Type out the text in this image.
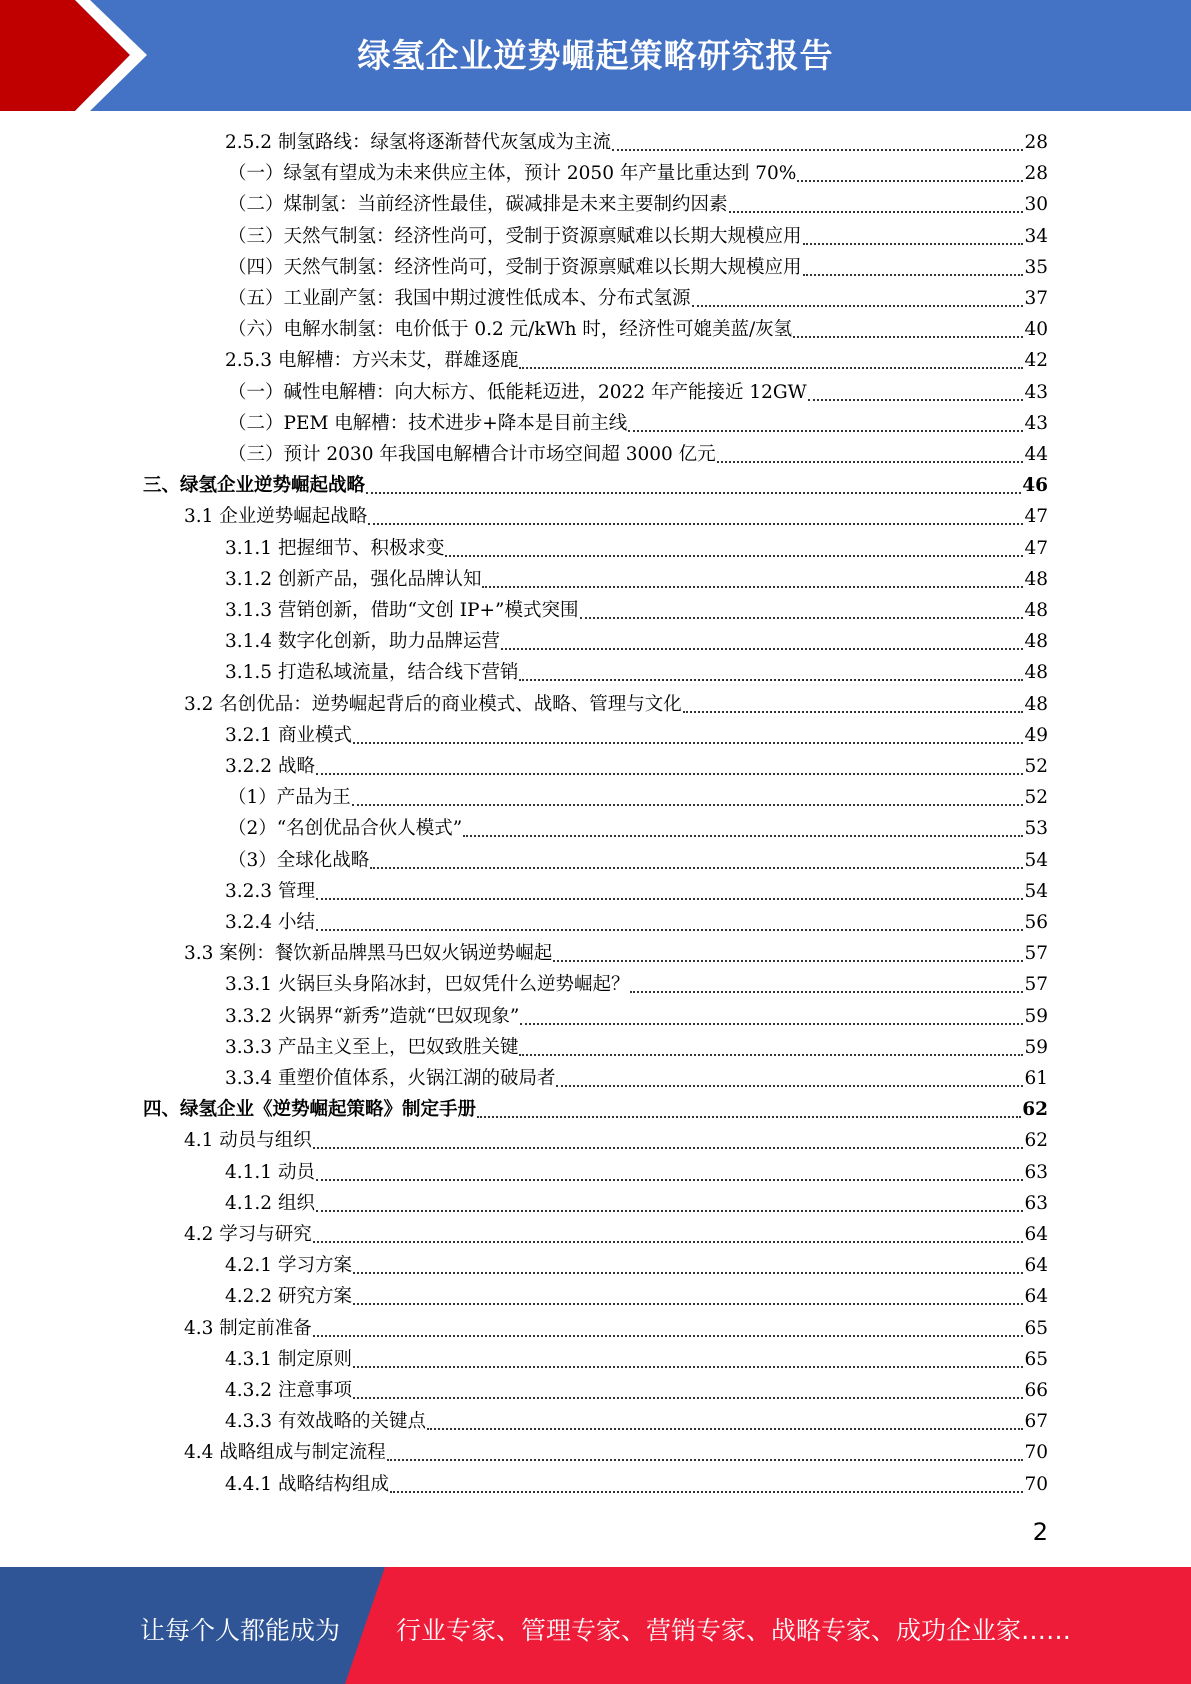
绿氢企业逆势崛起策略研究报告
2.5.2 制氢路线：绿氢将逐渐替代灰氢成为主流	28
（一）绿氢有望成为未来供应主体，预计 2050 年产量比重达到 70%	28
（二）煤制氢：当前经济性最佳，碳减排是未来主要制约因素	30
（三）天然气制氢：经济性尚可，受制于资源禀赋难以长期大规模应用	34
（四）天然气制氢：经济性尚可，受制于资源禀赋难以长期大规模应用	35
（五）工业副产氢：我国中期过渡性低成本、分布式氢源	37
（六）电解水制氢：电价低于 0.2 元/kWh 时，经济性可媲美蓝/灰氢	40
2.5.3 电解槽：方兴未艾，群雄逐鹿	42
（一）碱性电解槽：向大标方、低能耗迈进，2022 年产能接近 12GW	43
（二）PEM 电解槽：技术进步+降本是目前主线	43
（三）预计 2030 年我国电解槽合计市场空间超 3000 亿元	44
三、绿氢企业逆势崛起战略	46
3.1 企业逆势崛起战略	47
3.1.1 把握细节、积极求变	47
3.1.2 创新产品，强化品牌认知	48
3.1.3 营销创新，借助“文创 IP+”模式突围	48
3.1.4 数字化创新，助力品牌运营	48
3.1.5 打造私域流量，结合线下营销	48
3.2 名创优品：逆势崛起背后的商业模式、战略、管理与文化	48
3.2.1 商业模式	49
3.2.2 战略	52
（1）产品为王	52
（2）“名创优品合伙人模式”	53
（3）全球化战略	54
3.2.3 管理	54
3.2.4 小结	56
3.3 案例：餐饮新品牌黑马巴奴火锅逆势崛起	57
3.3.1 火锅巨头身陷冰封，巴奴凭什么逆势崛起？	57
3.3.2 火锅界“新秀”造就“巴奴现象”	59
3.3.3 产品主义至上，巴奴致胜关键	59
3.3.4 重塑价值体系，火锅江湖的破局者	61
四、绿氢企业《逆势崛起策略》制定手册	62
4.1 动员与组织	62
4.1.1 动员	63
4.1.2 组织	63
4.2 学习与研究	64
4.2.1 学习方案	64
4.2.2 研究方案	64
4.3 制定前准备	65
4.3.1 制定原则	65
4.3.2 注意事项	66
4.3.3 有效战略的关键点	67
4.4 战略组成与制定流程	70
4.4.1 战略结构组成	70
2
让每个人都能成为 行业专家、管理专家、营销专家、战略专家、成功企业家……
